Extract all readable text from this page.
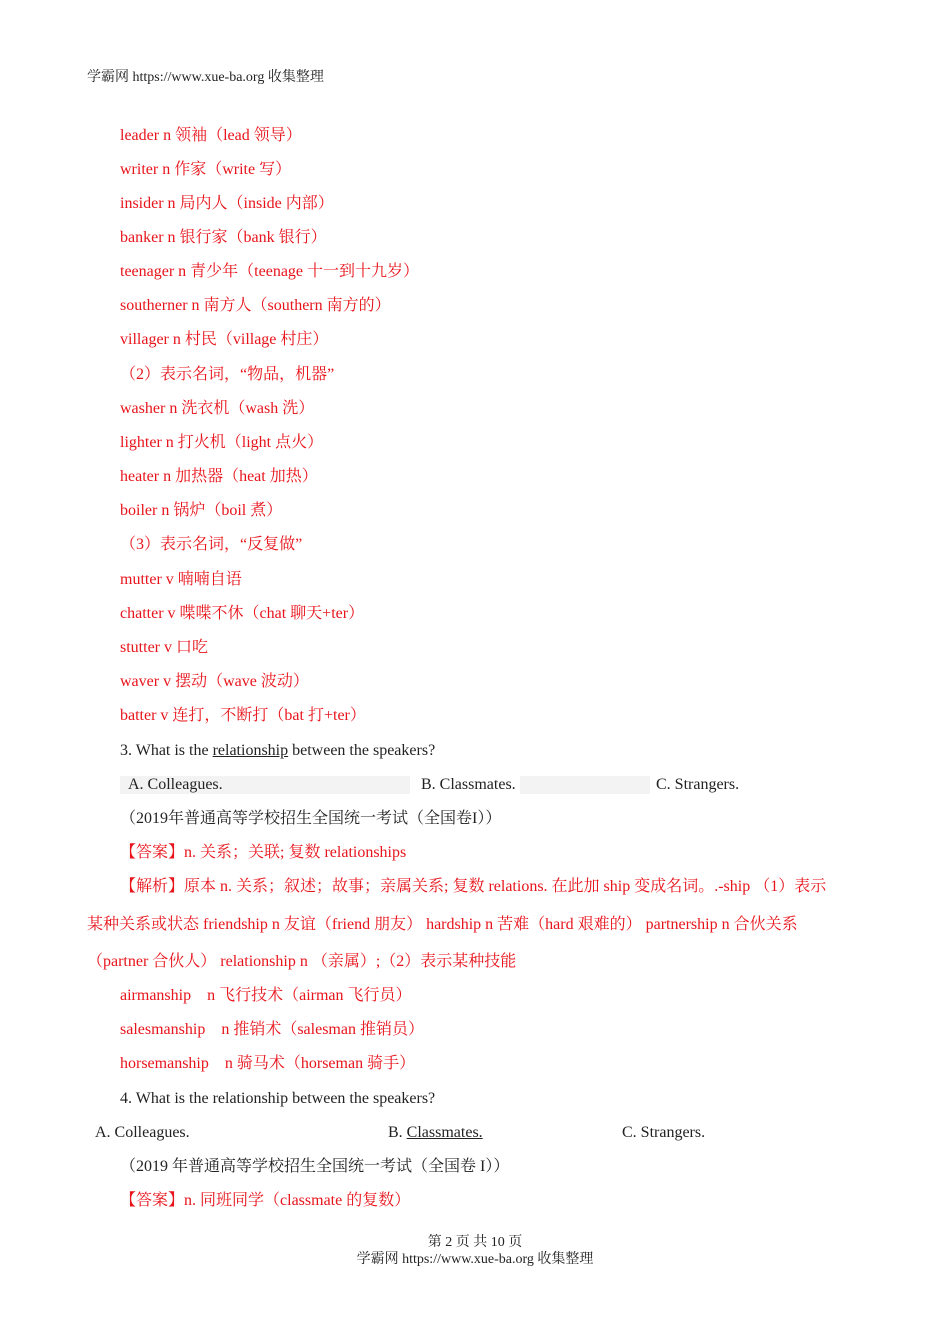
学霸网 https://www.xue-ba.org 收集整理
leader n 领袖（lead 领导）
writer n 作家（write 写）
insider n 局内人（inside 内部）
banker n 银行家（bank 银行）
teenager n 青少年（teenage 十一到十九岁）
southerner n 南方人（southern 南方的）
villager n 村民（village 村庄）
（2）表示名词，“物品，机器”
washer n 洗衣机（wash 洗）
lighter n 打火机（light 点火）
heater n 加热器（heat 加热）
boiler n 锅炉（boil 煮）
（3）表示名词，“反复做”
mutter v 喃喃自语
chatter v 喋喋不休（chat 聊天+ter）
stutter v 口吃
waver v 摆动（wave 波动）
batter v 连打，不断打（bat 打+ter）
3. What is the relationship between the speakers?
A. Colleagues.	B. Classmates.	C. Strangers.
（2019年普通高等学校招生全国统一考试（全国卷I））
【答案】n. 关系；关联; 复数 relationships
【解析】原本 n. 关系；叙述；故事；亲属关系; 复数 relations. 在此加 ship 变成名词。.-ship （1）表示
某种关系或状态 friendship n 友谊（friend 朋友） hardship n 苦难（hard 艰难的） partnership n 合伙关系
（partner 合伙人） relationship n （亲属）;（2）表示某种技能
airmanship　n 飞行技术（airman 飞行员）
salesmanship　n 推销术（salesman 推销员）
horsemanship　n 骑马术（horseman 骑手）
4. What is the relationship between the speakers?
A. Colleagues.	B. Classmates.	C. Strangers.
（2019 年普通高等学校招生全国统一考试（全国卷 I））
【答案】n. 同班同学（classmate 的复数）
第 2 页 共 10 页
学霸网 https://www.xue-ba.org 收集整理
